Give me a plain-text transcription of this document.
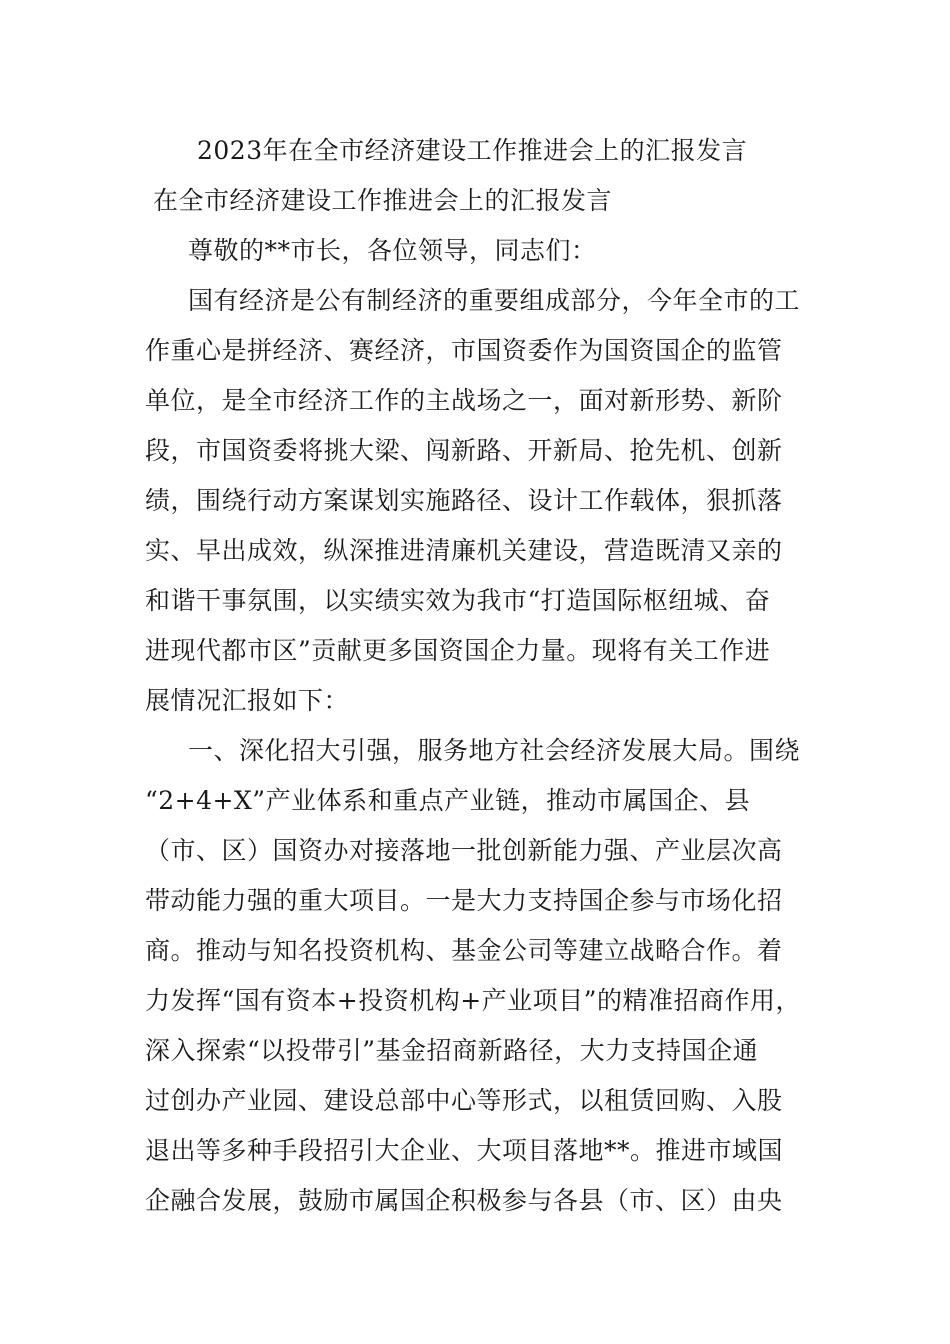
2023年在全市经济建设工作推进会上的汇报发言
在全市经济建设工作推进会上的汇报发言
尊敬的**市长，各位领导，同志们：
国有经济是公有制经济的重要组成部分，今年全市的工
作重心是拼经济、赛经济，市国资委作为国资国企的监管
单位，是全市经济工作的主战场之一，面对新形势、新阶
段，市国资委将挑大梁、闯新路、开新局、抢先机、创新
绩，围绕行动方案谋划实施路径、设计工作载体，狠抓落
实、早出成效，纵深推进清廉机关建设，营造既清又亲的
和谐干事氛围，以实绩实效为我市“打造国际枢纽城、奋
进现代都市区”贡献更多国资国企力量。现将有关工作进
展情况汇报如下：
一、深化招大引强，服务地方社会经济发展大局。围绕
“2+4+X”产业体系和重点产业链，推动市属国企、县
（市、区）国资办对接落地一批创新能力强、产业层次高
带动能力强的重大项目。一是大力支持国企参与市场化招
商。推动与知名投资机构、基金公司等建立战略合作。着
力发挥“国有资本+投资机构+产业项目”的精准招商作用，
深入探索“以投带引”基金招商新路径，大力支持国企通
过创办产业园、建设总部中心等形式，以租赁回购、入股
退出等多种手段招引大企业、大项目落地**。推进市域国
企融合发展，鼓励市属国企积极参与各县（市、区）由央
